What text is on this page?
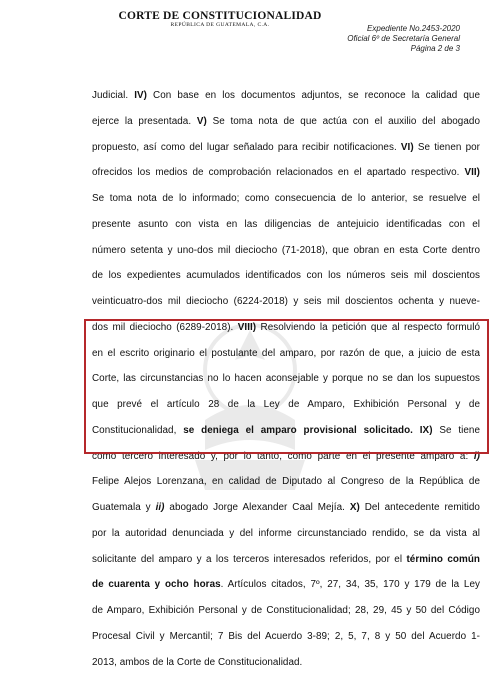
CORTE DE CONSTITUCIONALIDAD
REPÚBLICA DE GUATEMALA, C.A.	Expediente No.2453-2020
Oficial 6º de Secretaría General
Página 2 de 3
Judicial. IV) Con base en los documentos adjuntos, se reconoce la calidad que
ejerce la presentada. V) Se toma nota de que actúa con el auxilio del abogado
propuesto, así como del lugar señalado para recibir notificaciones. VI) Se tienen por
ofrecidos los medios de comprobación relacionados en el apartado respectivo. VII)
Se toma nota de lo informado; como consecuencia de lo anterior, se resuelve el
presente asunto con vista en las diligencias de antejuicio identificadas con el
número setenta y uno-dos mil dieciocho (71-2018), que obran en esta Corte dentro
de los expedientes acumulados identificados con los números seis mil doscientos
veinticuatro-dos mil dieciocho (6224-2018) y seis mil doscientos ochenta y nueve-
dos mil dieciocho (6289-2018). VIII) Resolviendo la petición que al respecto formuló
en el escrito originario el postulante del amparo, por razón de que, a juicio de esta
Corte, las circunstancias no lo hacen aconsejable y porque no se dan los supuestos
que prevé el artículo 28 de la Ley de Amparo, Exhibición Personal y de
Constitucionalidad, se deniega el amparo provisional solicitado. IX) Se tiene
como tercero interesado y, por lo tanto, como parte en el presente amparo a: i)
Felipe Alejos Lorenzana, en calidad de Diputado al Congreso de la República de
Guatemala y ii) abogado Jorge Alexander Caal Mejía. X) Del antecedente remitido
por la autoridad denunciada y del informe circunstanciado rendido, se da vista al
solicitante del amparo y a los terceros interesados referidos, por el término común
de cuarenta y ocho horas. Artículos citados, 7º, 27, 34, 35, 170 y 179 de la Ley
de Amparo, Exhibición Personal y de Constitucionalidad; 28, 29, 45 y 50 del Código
Procesal Civil y Mercantil; 7 Bis del Acuerdo 3-89; 2, 5, 7, 8 y 50 del Acuerdo 1-
2013, ambos de la Corte de Constitucionalidad.
